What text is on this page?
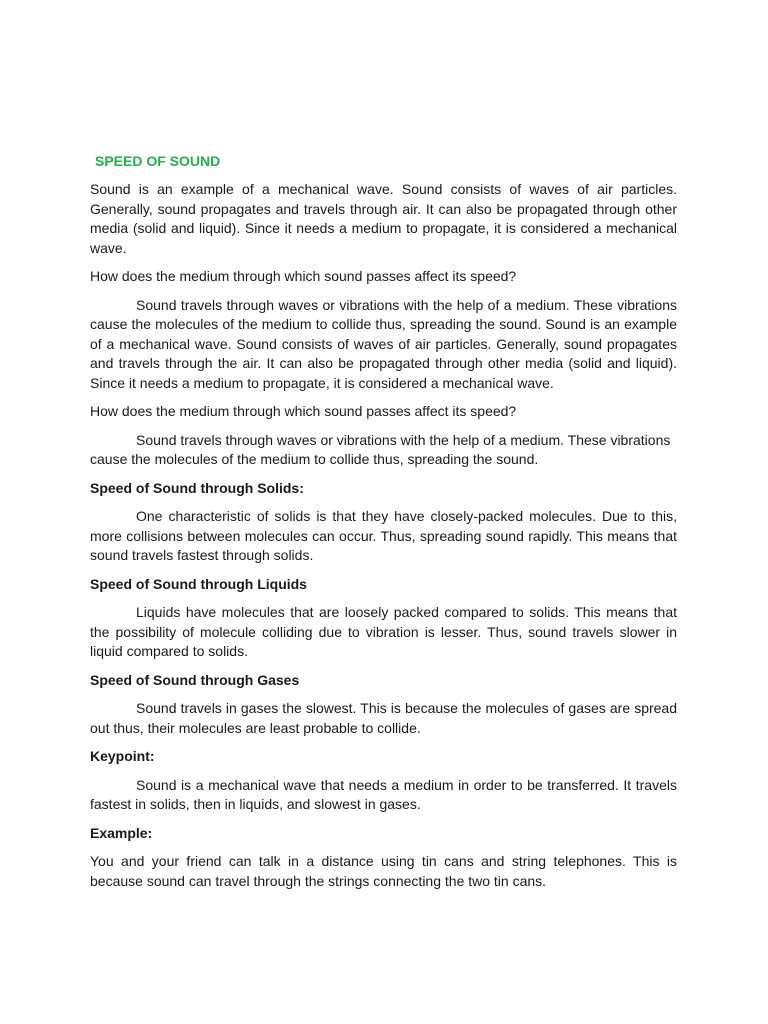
SPEED OF SOUND

Sound is an example of a mechanical wave. Sound consists of waves of air particles. Generally, sound propagates and travels through air. It can also be propagated through other media (solid and liquid). Since it needs a medium to propagate, it is considered a mechanical wave.

How does the medium through which sound passes affect its speed?

Sound travels through waves or vibrations with the help of a medium. These vibrations cause the molecules of the medium to collide thus, spreading the sound. Sound is an example of a mechanical wave. Sound consists of waves of air particles. Generally, sound propagates and travels through the air. It can also be propagated through other media (solid and liquid). Since it needs a medium to propagate, it is considered a mechanical wave.

How does the medium through which sound passes affect its speed?

Sound travels through waves or vibrations with the help of a medium. These vibrations cause the molecules of the medium to collide thus, spreading the sound.

Speed of Sound through Solids:

One characteristic of solids is that they have closely-packed molecules. Due to this, more collisions between molecules can occur. Thus, spreading sound rapidly. This means that sound travels fastest through solids.

Speed of Sound through Liquids

Liquids have molecules that are loosely packed compared to solids. This means that the possibility of molecule colliding due to vibration is lesser. Thus, sound travels slower in liquid compared to solids.

Speed of Sound through Gases

Sound travels in gases the slowest. This is because the molecules of gases are spread out thus, their molecules are least probable to collide.

Keypoint:

Sound is a mechanical wave that needs a medium in order to be transferred. It travels fastest in solids, then in liquids, and slowest in gases.

Example:

You and your friend can talk in a distance using tin cans and string telephones. This is because sound can travel through the strings connecting the two tin cans.
